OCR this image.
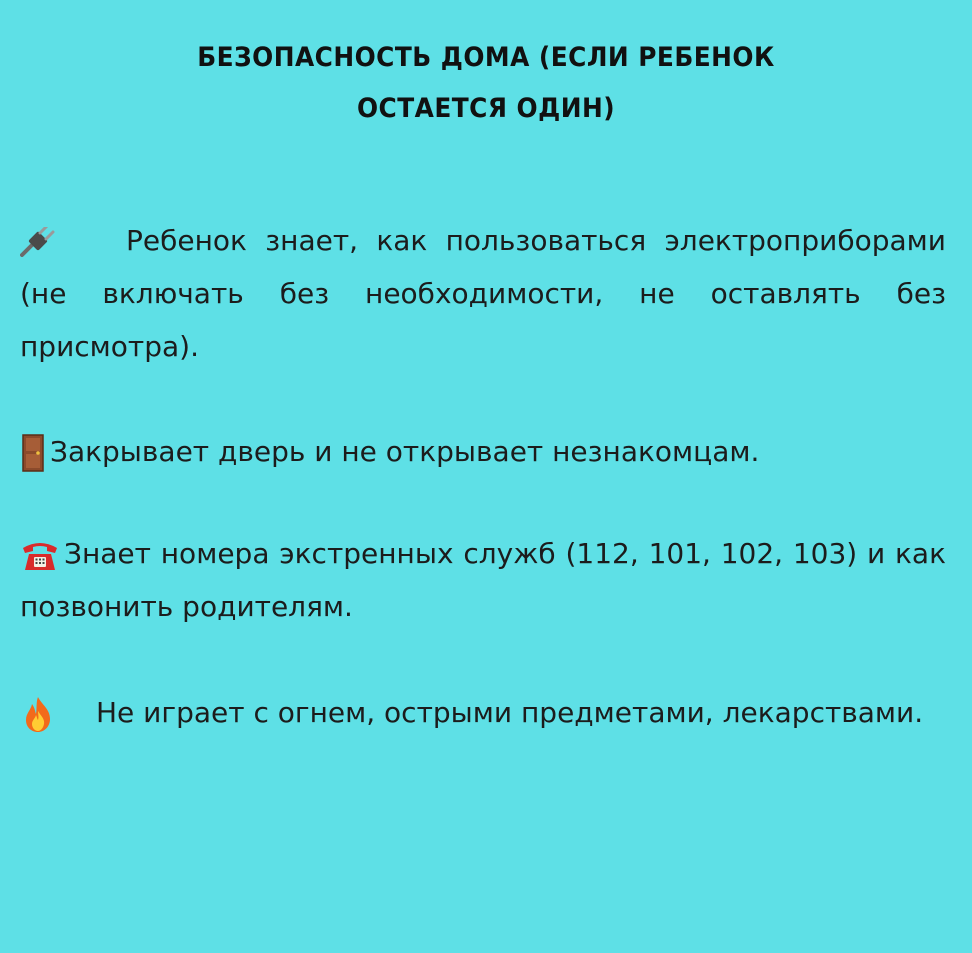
БЕЗОПАСНОСТЬ ДОМА (ЕСЛИ РЕБЕНОК ОСТАЕТСЯ ОДИН)
Ребенок знает, как пользоваться электроприборами (не включать без необходимости, не оставлять без присмотра).
Закрывает дверь и не открывает незнакомцам.
Знает номера экстренных служб (112, 101, 102, 103) и как позвонить родителям.
Не играет с огнем, острыми предметами, лекарствами.
